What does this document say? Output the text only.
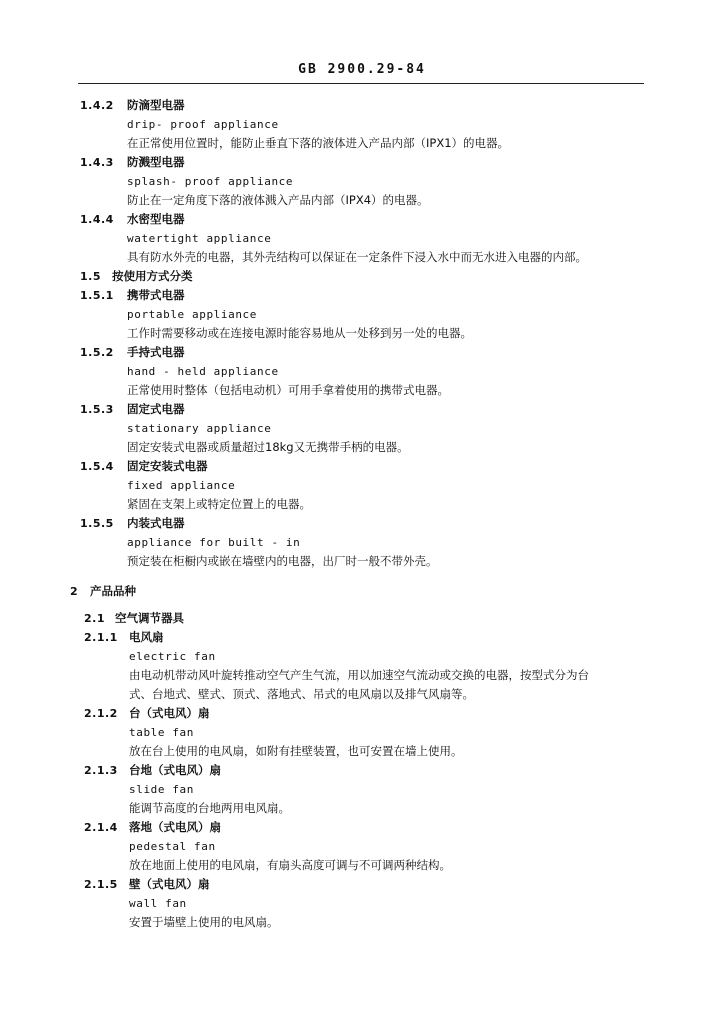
GB 2900.29-84
1.4.2 防滴型电器
drip- proof appliance
在正常使用位置时，能防止垂直下落的液体进入产品内部（IPX1）的电器。
1.4.3 防溅型电器
splash- proof appliance
防止在一定角度下落的液体溅入产品内部（IPX4）的电器。
1.4.4 水密型电器
watertight appliance
具有防水外壳的电器，其外壳结构可以保证在一定条件下浸入水中而无水进入电器的内部。
1.5 按使用方式分类
1.5.1 携带式电器
portable appliance
工作时需要移动或在连接电源时能容易地从一处移到另一处的电器。
1.5.2 手持式电器
hand - held appliance
正常使用时整体（包括电动机）可用手拿着使用的携带式电器。
1.5.3 固定式电器
stationary appliance
固定安装式电器或质量超过18kg又无携带手柄的电器。
1.5.4 固定安装式电器
fixed appliance
紧固在支架上或特定位置上的电器。
1.5.5 内装式电器
appliance for built - in
预定装在柜橱内或嵌在墙壁内的电器，出厂时一般不带外壳。
2 产品品种
2.1 空气调节器具
2.1.1 电风扇
electric fan
由电动机带动风叶旋转推动空气产生气流，用以加速空气流动或交换的电器，按型式分为台
式、台地式、壁式、顶式、落地式、吊式的电风扇以及排气风扇等。
2.1.2 台（式电风）扇
table fan
放在台上使用的电风扇，如附有挂壁装置，也可安置在墙上使用。
2.1.3 台地（式电风）扇
slide fan
能调节高度的台地两用电风扇。
2.1.4 落地（式电风）扇
pedestal fan
放在地面上使用的电风扇，有扇头高度可调与不可调两种结构。
2.1.5 壁（式电风）扇
wall fan
安置于墙壁上使用的电风扇。
